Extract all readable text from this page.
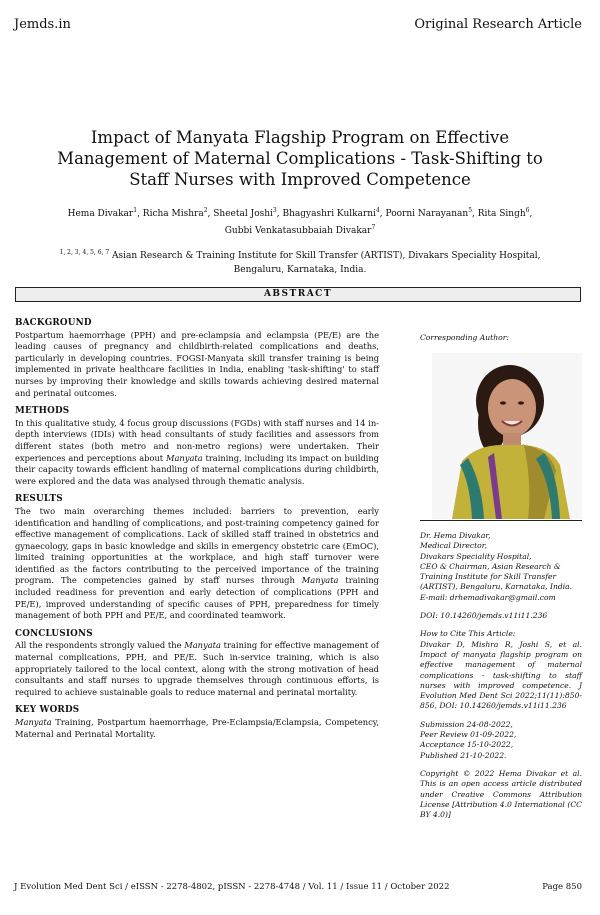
Jemds.in	Original Research Article
Impact of Manyata Flagship Program on Effective Management of Maternal Complications - Task-Shifting to Staff Nurses with Improved Competence
Hema Divakar$^1$, Richa Mishra$^2$, Sheetal Joshi$^3$, Bhagyashri Kulkarni$^4$, Poorni Narayanan$^5$, Rita Singh$^6$,
Gubbi Venkatasubbaiah Divakar$^7$
$^{1, 2, 3, 4, 5, 6, 7}$ Asian Research & Training Institute for Skill Transfer (ARTIST), Divakars Speciality Hospital,
Bengaluru, Karnataka, India.
ABSTRACT
BACKGROUND

Postpartum haemorrhage (PPH) and pre-eclampsia and eclampsia (PE/E) are the leading causes of pregnancy and childbirth-related complications and deaths, particularly in developing countries. FOGSI-Manyata skill transfer training is being implemented in private healthcare facilities in India, enabling 'task-shifting' to staff nurses by improving their knowledge and skills towards achieving desired maternal and perinatal outcomes.

METHODS

In this qualitative study, 4 focus group discussions (FGDs) with staff nurses and 14 in-depth interviews (IDIs) with head consultants of study facilities and assessors from different states (both metro and non-metro regions) were undertaken. Their experiences and perceptions about Manyata training, including its impact on building their capacity towards efficient handling of maternal complications during childbirth, were explored and the data was analysed through thematic analysis.

RESULTS

The two main overarching themes included: barriers to prevention, early identification and handling of complications, and post-training competency gained for effective management of complications. Lack of skilled staff trained in obstetrics and gynaecology, gaps in basic knowledge and skills in emergency obstetric care (EmOC), limited training opportunities at the workplace, and high staff turnover were identified as the factors contributing to the perceived importance of the training program. The competencies gained by staff nurses through Manyata training included readiness for prevention and early detection of complications (PPH and PE/E), improved understanding of specific causes of PPH, preparedness for timely management of both PPH and PE/E, and coordinated teamwork.

CONCLUSIONS

All the respondents strongly valued the Manyata training for effective management of maternal complications, PPH, and PE/E. Such in-service training, which is also appropriately tailored to the local context, along with the strong motivation of head consultants and staff nurses to upgrade themselves through continuous efforts, is required to achieve sustainable goals to reduce maternal and perinatal mortality.

KEY WORDS

Manyata Training, Postpartum haemorrhage, Pre-Eclampsia/Eclampsia, Competency, Maternal and Perinatal Mortality.

Corresponding Author:

Dr. Hema Divakar,
Medical Director,
Divakars Speciality Hospital,
CEO & Chairman, Asian Research &
Training Institute for Skill Transfer
(ARTIST), Bengaluru, Karnataka, India.
E-mail: drhemadivakar@gmail.com

DOI: 10.14260/jemds.v11i11.236

How to Cite This Article:
Divakar D, Mishra R, Joshi S, et al. Impact of manyata flagship program on effective management of maternal complications - task-shifting to staff nurses with improved competence. J Evolution Med Dent Sci 2022;11(11):850-856, DOI: 10.14260/jemds.v11i11.236

Submission 24-08-2022,
Peer Review 01-09-2022,
Acceptance 15-10-2022,
Published 21-10-2022.

Copyright © 2022 Hema Divakar et al. This is an open access article distributed under Creative Commons Attribution License [Attribution 4.0 International (CC BY 4.0)]

J Evolution Med Dent Sci / eISSN - 2278-4802, pISSN - 2278-4748 / Vol. 11 / Issue 11 / October 2022	Page 850
